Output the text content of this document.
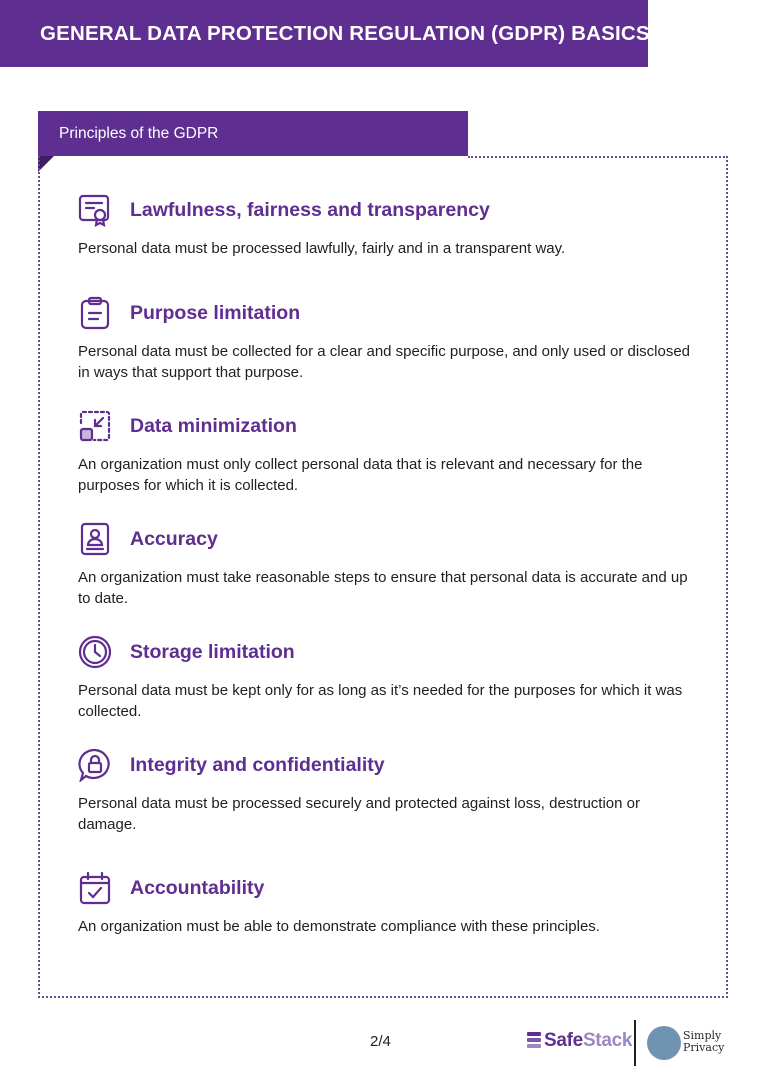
GENERAL DATA PROTECTION REGULATION (GDPR) BASICS
Principles of the GDPR
Lawfulness, fairness and transparency
Personal data must be processed lawfully, fairly and in a transparent way.
Purpose limitation
Personal data must be collected for a clear and specific purpose, and only used or disclosed in ways that support that purpose.
Data minimization
An organization must only collect personal data that is relevant and necessary for the purposes for which it is collected.
Accuracy
An organization must take reasonable steps to ensure that personal data is accurate and up to date.
Storage limitation
Personal data must be kept only for as long as it’s needed for the purposes for which it was collected.
Integrity and confidentiality
Personal data must be processed securely and protected against loss, destruction or damage.
Accountability
An organization must be able to demonstrate compliance with these principles.
2/4	SafeStack	Simply
Privacy
